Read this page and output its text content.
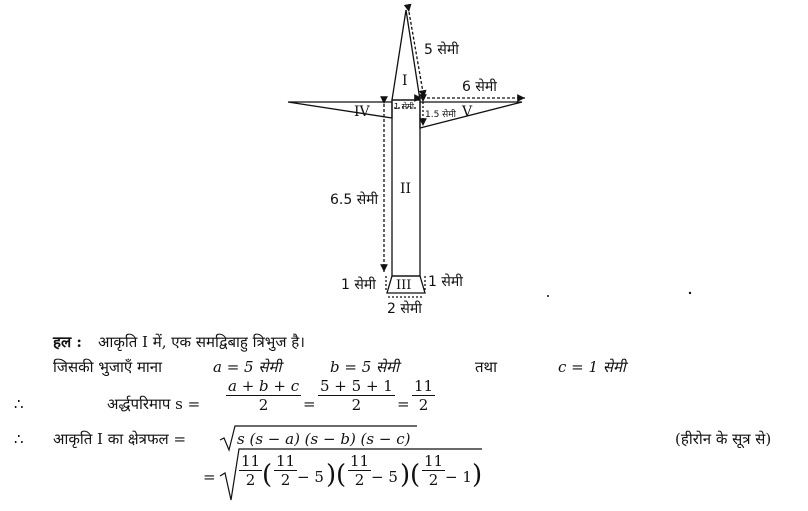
I
II
III
IV	V
5 सेमी
6 सेमी
1 सेमी
1.5 सेमी
6.5 सेमी
1 सेमी	1 सेमी
2 सेमी
हल : आकृति I में, एक समद्विबाहु त्रिभुज है।
जिसकी भुजाएँ माना	a = 5 सेमी	b = 5 सेमी	तथा	c = 1 सेमी
∴	अर्द्धपरिमाप $s = \frac{a + b + c}{2} = \frac{5 + 5 + 1}{2} = \frac{11}{2}$
∴ आकृति I का क्षेत्रफल =	s (s − a) (s − b) (s − c)	(हीरोन के सूत्र से)
= $\frac{11}{2}$ ( $\frac{11}{2} - 5$ ) ( $\frac{11}{2} - 5$ ) ( $\frac{11}{2} - 1$ )
